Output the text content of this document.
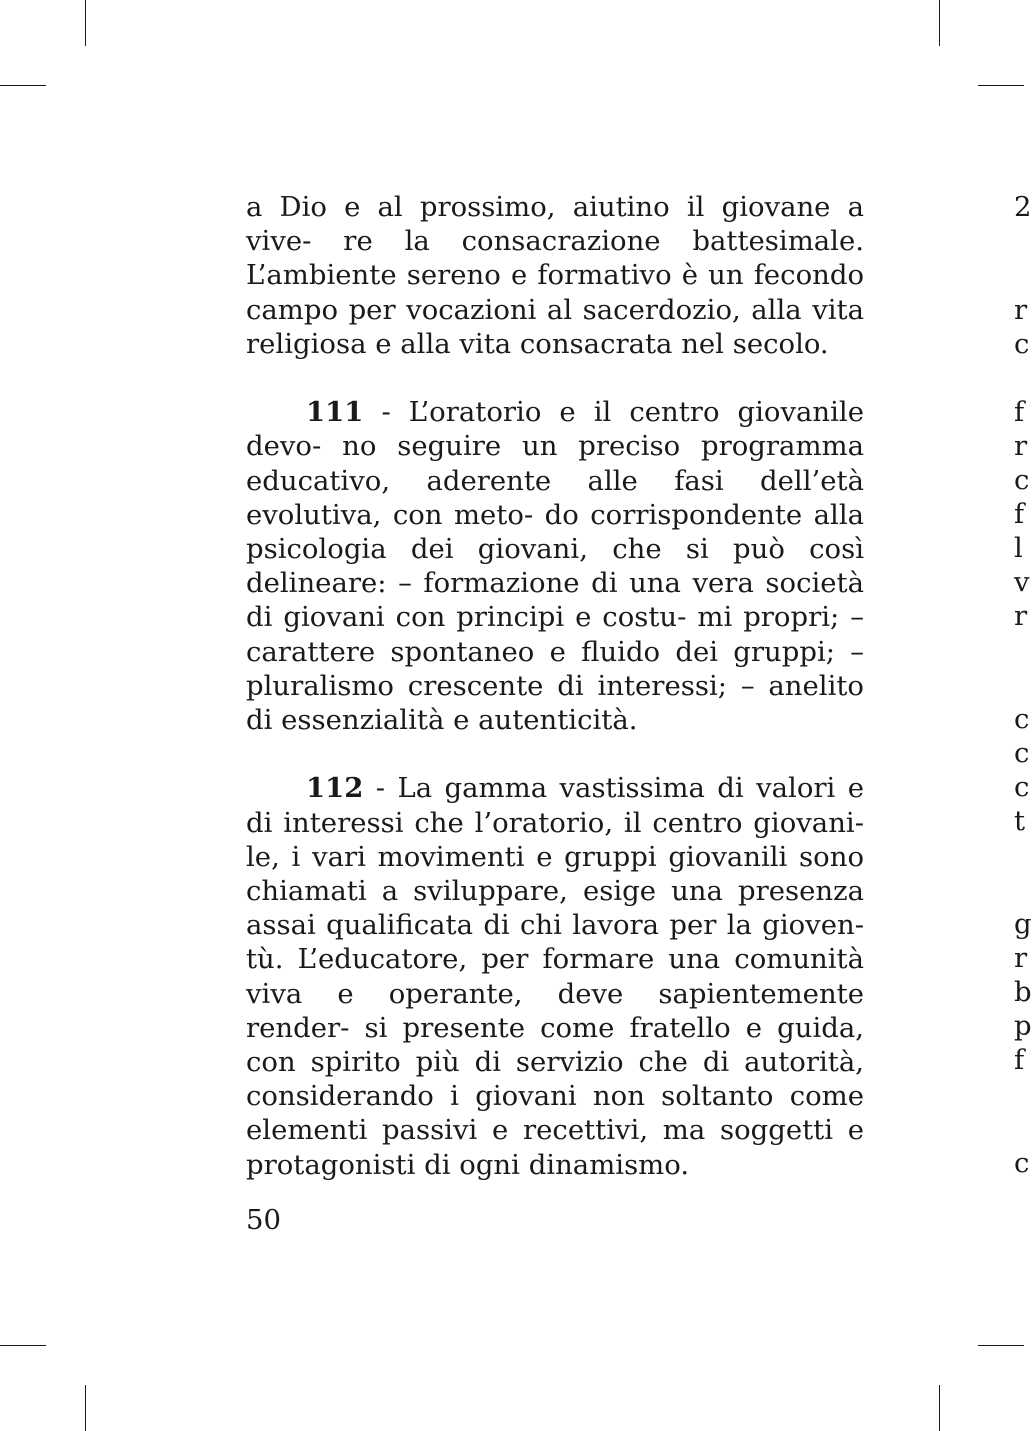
a Dio e al prossimo, aiutino il giovane a vive- re la consacrazione battesimale. L’ambiente sereno e formativo è un fecondo campo per vocazioni al sacerdozio, alla vita religiosa e alla vita consacrata nel secolo.

111 - L’oratorio e il centro giovanile devo- no seguire un preciso programma educativo, aderente alle fasi dell’età evolutiva, con meto- do corrispondente alla psicologia dei giovani, che si può così delineare: – formazione di una vera società di giovani con principi e costu- mi propri; – carattere spontaneo e fluido dei gruppi; – pluralismo crescente di interessi; – anelito di essenzialità e autenticità.

112 - La gamma vastissima di valori e di interessi che l’oratorio, il centro giovani- le, i vari movimenti e gruppi giovanili sono chiamati a sviluppare, esige una presenza assai qualificata di chi lavora per la gioven- tù. L’educatore, per formare una comunità viva e operante, deve sapientemente render- si presente come fratello e guida, con spirito più di servizio che di autorità, considerando i giovani non soltanto come elementi passivi e recettivi, ma soggetti e protagonisti di ogni dinamismo.

50
2
r
c
f
r
c
f
l
v
r
c
c
c
t
g
r
b
p
f
c
